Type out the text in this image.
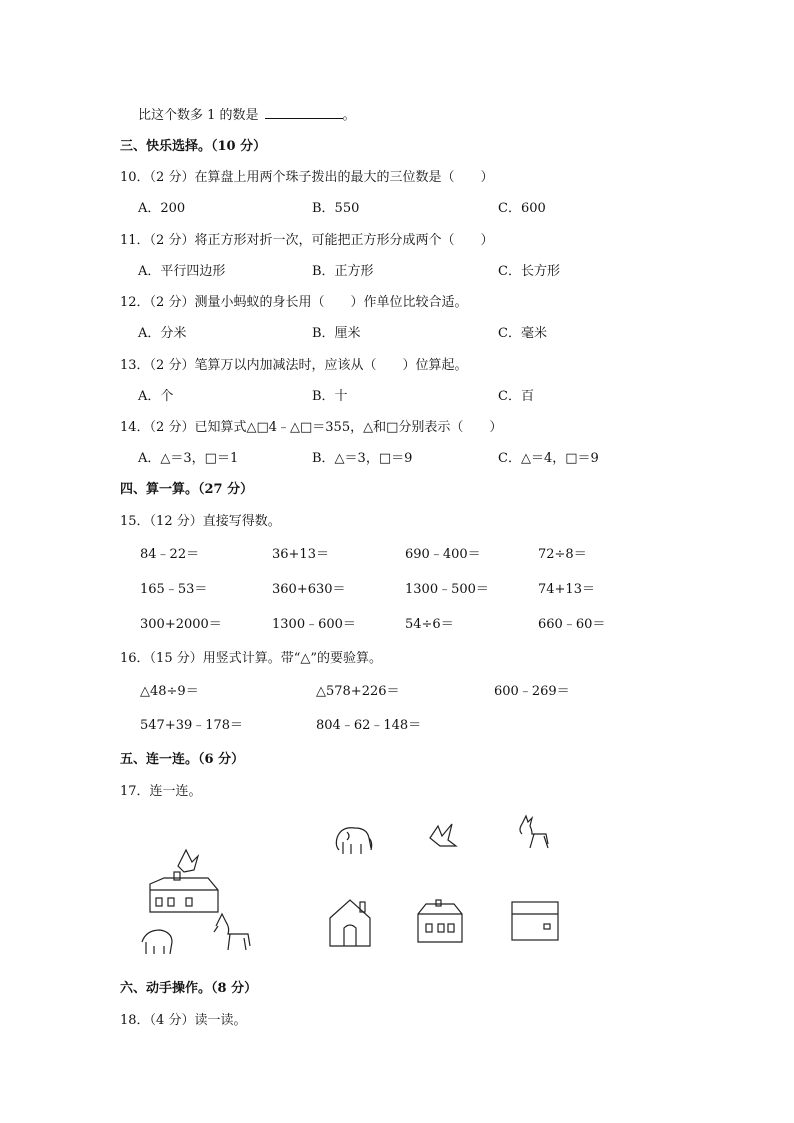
比这个数多 1 的数是	。
三、快乐选择。（10 分）
10．（2 分）在算盘上用两个珠子拨出的最大的三位数是（　　）
A．200	B．550	C．600
11．（2 分）将正方形对折一次，可能把正方形分成两个（　　）
A．平行四边形	B．正方形	C．长方形
12．（2 分）测量小蚂蚁的身长用（　　）作单位比较合适。
A．分米	B．厘米	C．毫米
13．（2 分）笔算万以内加减法时，应该从（　　）位算起。
A．个	B．十	C．百
14．（2 分）已知算式△□4﹣△□＝355，△和□分别表示（　　）
A．△＝3，□＝1	B．△＝3，□＝9	C．△＝4，□＝9
四、算一算。（27 分）
15．（12 分）直接写得数。
84﹣22＝	36+13＝	690﹣400＝	72÷8＝
165﹣53＝	360+630＝	1300﹣500＝	74+13＝
300+2000＝	1300﹣600＝	54÷6＝	660﹣60＝
16．（15 分）用竖式计算。带“△”的要验算。
△48÷9＝	△578+226＝	600﹣269＝
547+39﹣178＝	804﹣62﹣148＝
五、连一连。（6 分）
17．连一连。
六、动手操作。（8 分）
18．（4 分）读一读。
